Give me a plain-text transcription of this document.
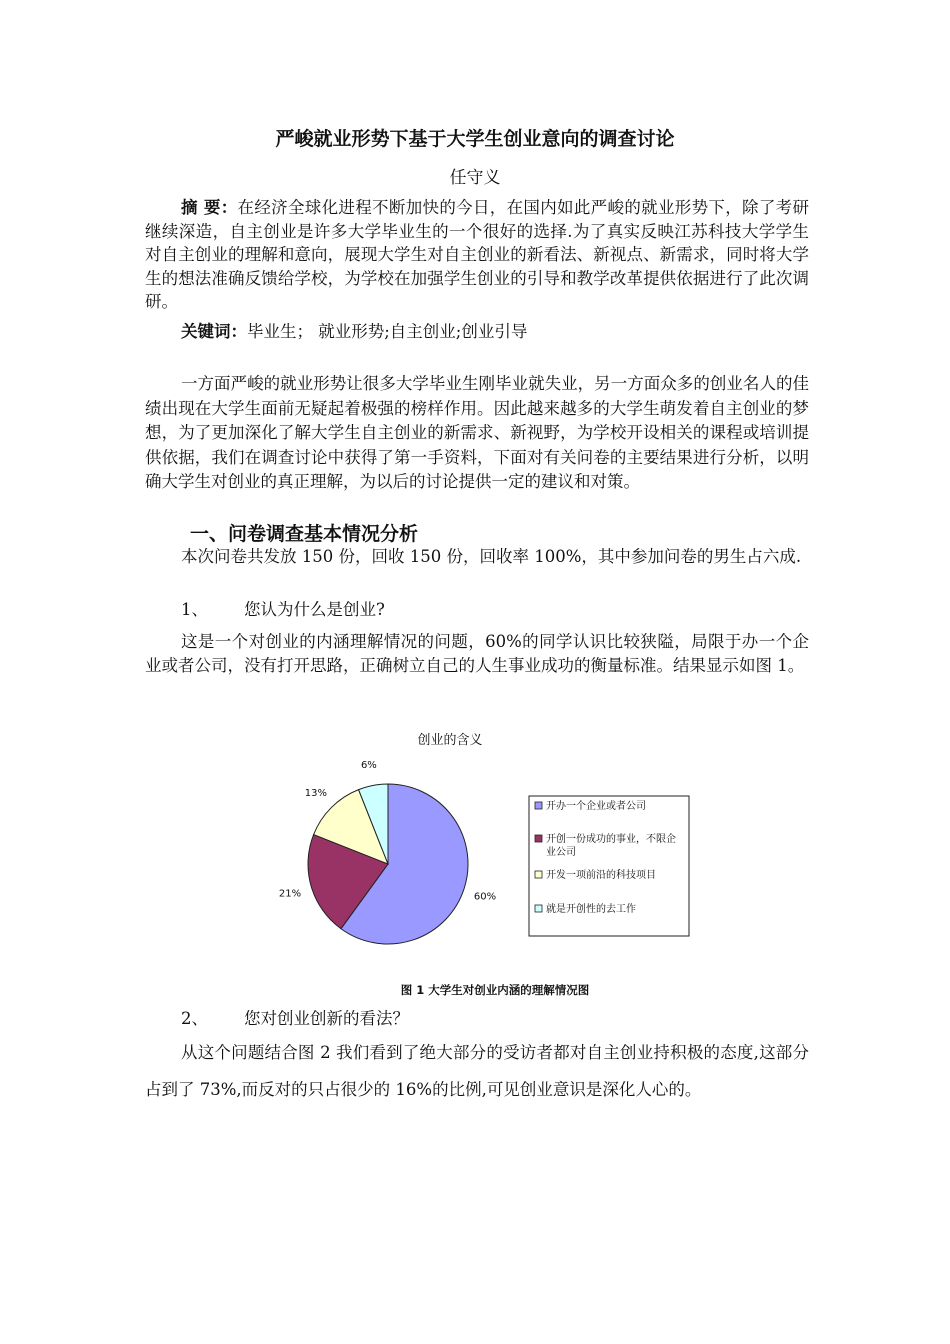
严峻就业形势下基于大学生创业意向的调查讨论
任守义

摘 要：在经济全球化进程不断加快的今日，在国内如此严峻的就业形势下，除了考研继续深造，自主创业是许多大学毕业生的一个很好的选择.为了真实反映江苏科技大学学生对自主创业的理解和意向，展现大学生对自主创业的新看法、新视点、新需求，同时将大学生的想法准确反馈给学校，为学校在加强学生创业的引导和教学改革提供依据进行了此次调研。

关键词：毕业生； 就业形势;自主创业;创业引导

一方面严峻的就业形势让很多大学毕业生刚毕业就失业，另一方面众多的创业名人的佳绩出现在大学生面前无疑起着极强的榜样作用。因此越来越多的大学生萌发着自主创业的梦想，为了更加深化了解大学生自主创业的新需求、新视野，为学校开设相关的课程或培训提供依据，我们在调查讨论中获得了第一手资料，下面对有关问卷的主要结果进行分析，以明确大学生对创业的真正理解，为以后的讨论提供一定的建议和对策。

一、问卷调查基本情况分析

本次问卷共发放 150 份，回收 150 份，回收率 100%，其中参加问卷的男生占六成.

1、 您认为什么是创业?

这是一个对创业的内涵理解情况的问题，60%的同学认识比较狭隘，局限于办一个企业或者公司，没有打开思路，正确树立自己的人生事业成功的衡量标准。结果显示如图 1。

创业的含义
60%
21%
13%
6%
开办一个企业或者公司
开创一份成功的事业，不限企业公司
开发一项前沿的科技项目
就是开创性的去工作
图 1 大学生对创业内涵的理解情况图
2、 您对创业创新的看法？

从这个问题结合图 2 我们看到了绝大部分的受访者都对自主创业持积极的态度,这部分占到了 73%,而反对的只占很少的 16%的比例,可见创业意识是深化人心的。
